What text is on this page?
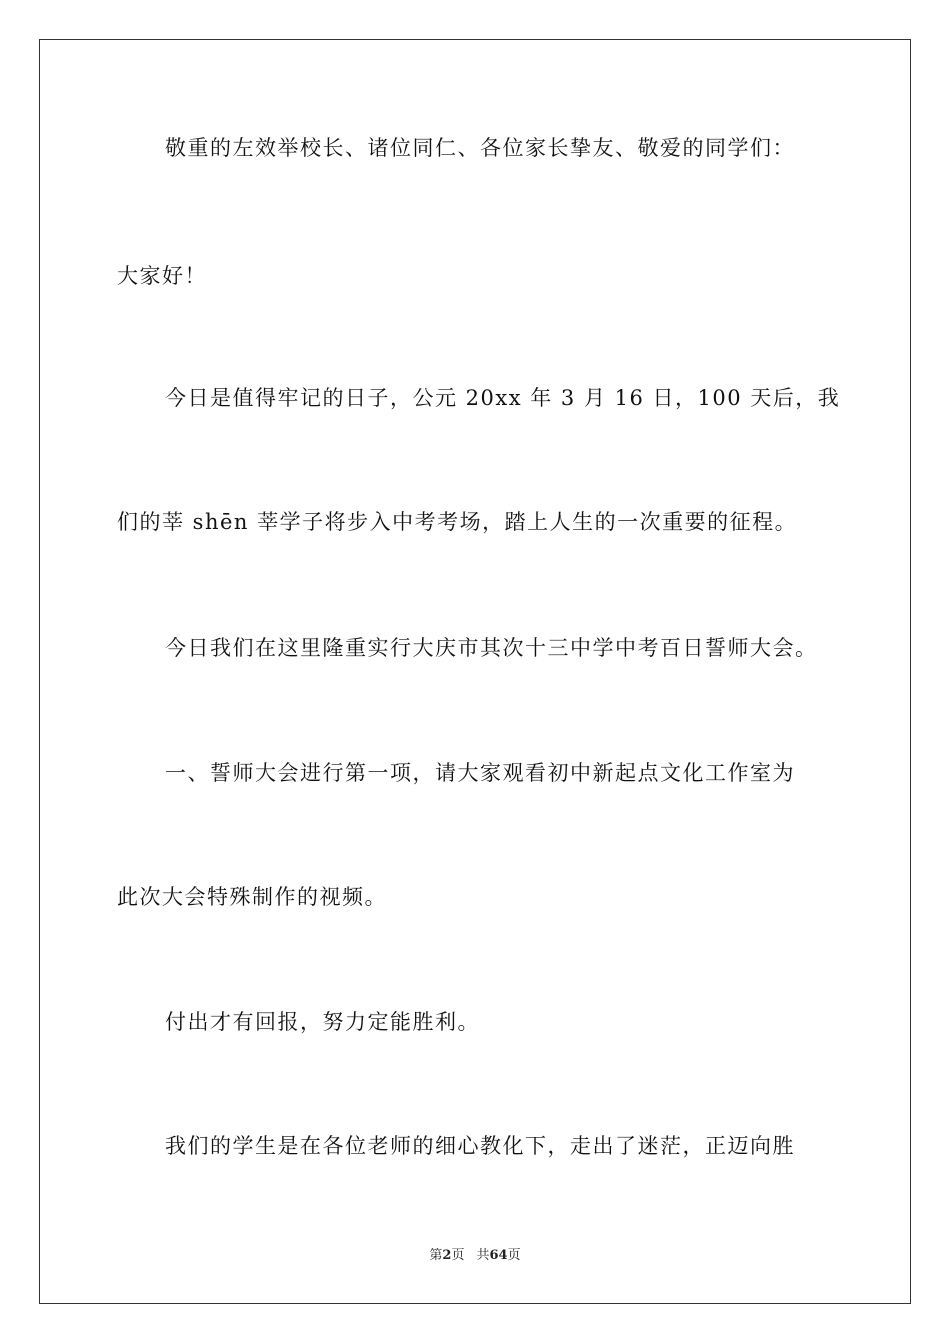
敬重的左效举校长、诸位同仁、各位家长挚友、敬爱的同学们：
大家好！
今日是值得牢记的日子，公元 20xx 年 3 月 16 日，100 天后，我
们的莘 shēn 莘学子将步入中考考场，踏上人生的一次重要的征程。
今日我们在这里隆重实行大庆市其次十三中学中考百日誓师大会。
一、誓师大会进行第一项，请大家观看初中新起点文化工作室为
此次大会特殊制作的视频。
付出才有回报，努力定能胜利。
我们的学生是在各位老师的细心教化下，走出了迷茫，正迈向胜
第2页 共64页
